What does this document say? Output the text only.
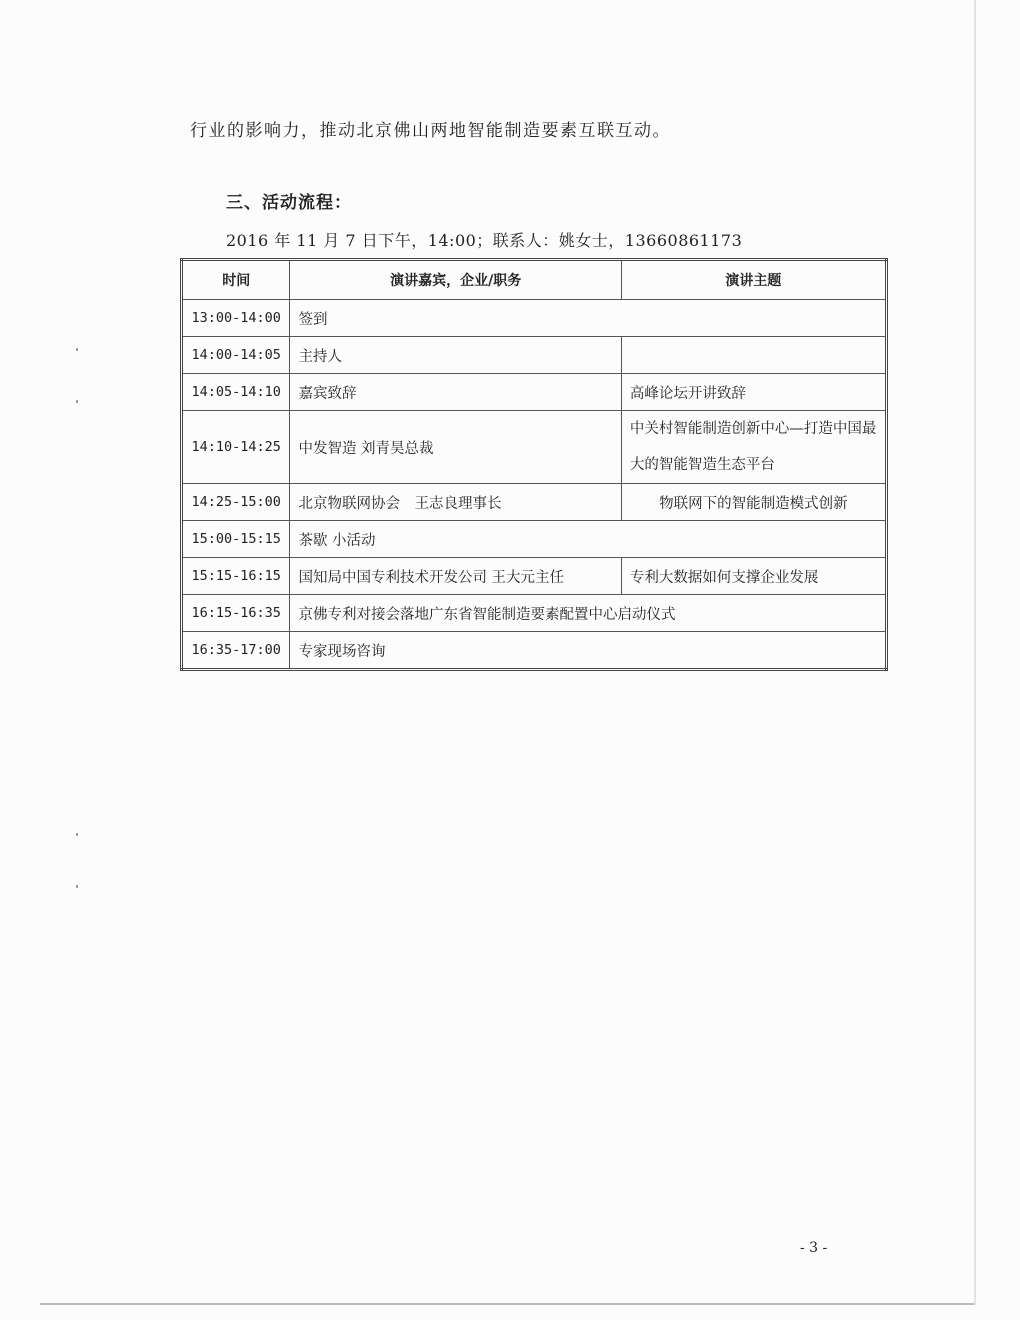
行业的影响力，推动北京佛山两地智能制造要素互联互动。
三、活动流程：
2016 年 11 月 7 日下午，14:00；联系人：姚女士，13660861173
时间	演讲嘉宾，企业/职务	演讲主题
13:00-14:00	签到	
14:00-14:05	主持人	
14:05-14:10	嘉宾致辞	高峰论坛开讲致辞
14:10-14:25	中发智造 刘青昊总裁	中关村智能制造创新中心—打造中国最大的智能智造生态平台
14:25-15:00	北京物联网协会　王志良理事长	物联网下的智能制造模式创新
15:00-15:15	茶歇 小活动	
15:15-16:15	国知局中国专利技术开发公司 王大元主任	专利大数据如何支撑企业发展
16:15-16:35	京佛专利对接会落地广东省智能制造要素配置中心启动仪式	
16:35-17:00	专家现场咨询	
- 3 -
